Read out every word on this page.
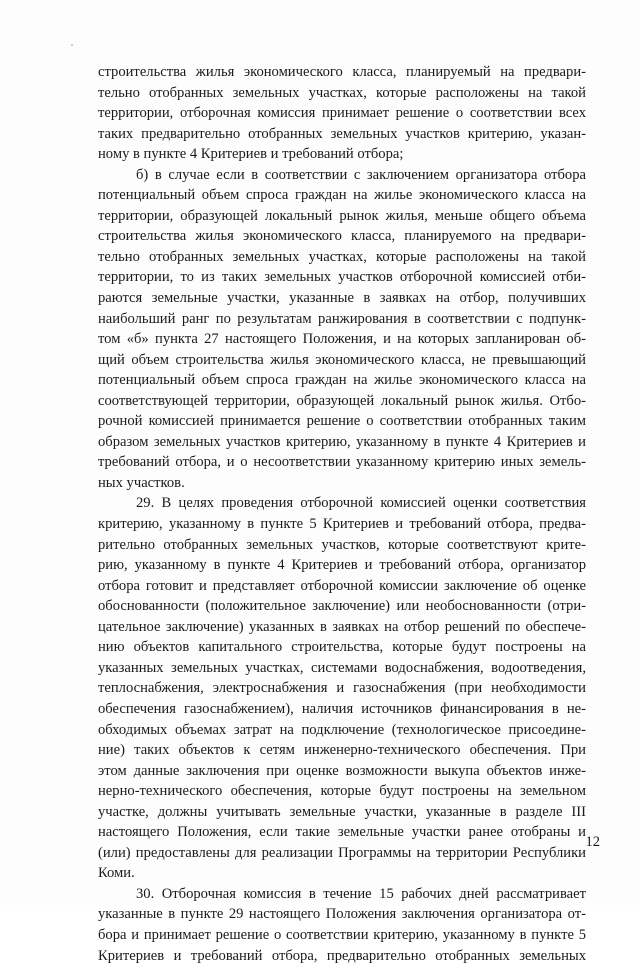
строительства жилья экономического класса, планируемый на предвари-
тельно отобранных земельных участках, которые расположены на такой
территории, отборочная комиссия принимает решение о соответствии всех
таких предварительно отобранных земельных участков критерию, указан-
ному в пункте 4 Критериев и требований отбора;
б) в случае если в соответствии с заключением организатора отбора
потенциальный объем спроса граждан на жилье экономического класса на
территории, образующей локальный рынок жилья, меньше общего объема
строительства жилья экономического класса, планируемого на предвари-
тельно отобранных земельных участках, которые расположены на такой
территории, то из таких земельных участков отборочной комиссией отби-
раются земельные участки, указанные в заявках на отбор, получивших
наибольший ранг по результатам ранжирования в соответствии с подпунк-
том «б» пункта 27 настоящего Положения, и на которых запланирован об-
щий объем строительства жилья экономического класса, не превышающий
потенциальный объем спроса граждан на жилье экономического класса на
соответствующей территории, образующей локальный рынок жилья. Отбо-
рочной комиссией принимается решение о соответствии отобранных таким
образом земельных участков критерию, указанному в пункте 4 Критериев и
требований отбора, и о несоответствии указанному критерию иных земель-
ных участков.
29. В целях проведения отборочной комиссией оценки соответствия
критерию, указанному в пункте 5 Критериев и требований отбора, предва-
рительно отобранных земельных участков, которые соответствуют крите-
рию, указанному в пункте 4 Критериев и требований отбора, организатор
отбора готовит и представляет отборочной комиссии заключение об оценке
обоснованности (положительное заключение) или необоснованности (отри-
цательное заключение) указанных в заявках на отбор решений по обеспече-
нию объектов капитального строительства, которые будут построены на
указанных земельных участках, системами водоснабжения, водоотведения,
теплоснабжения, электроснабжения и газоснабжения (при необходимости
обеспечения газоснабжением), наличия источников финансирования в не-
обходимых объемах затрат на подключение (технологическое присоедине-
ние) таких объектов к сетям инженерно-технического обеспечения. При
этом данные заключения при оценке возможности выкупа объектов инже-
нерно-технического обеспечения, которые будут построены на земельном
участке, должны учитывать земельные участки, указанные в разделе III
настоящего Положения, если такие земельные участки ранее отобраны и
(или) предоставлены для реализации Программы на территории Республики
Коми.
30. Отборочная комиссия в течение 15 рабочих дней рассматривает
указанные в пункте 29 настоящего Положения заключения организатора от-
бора и принимает решение о соответствии критерию, указанному в пункте 5
Критериев и требований отбора, предварительно отобранных земельных
12
